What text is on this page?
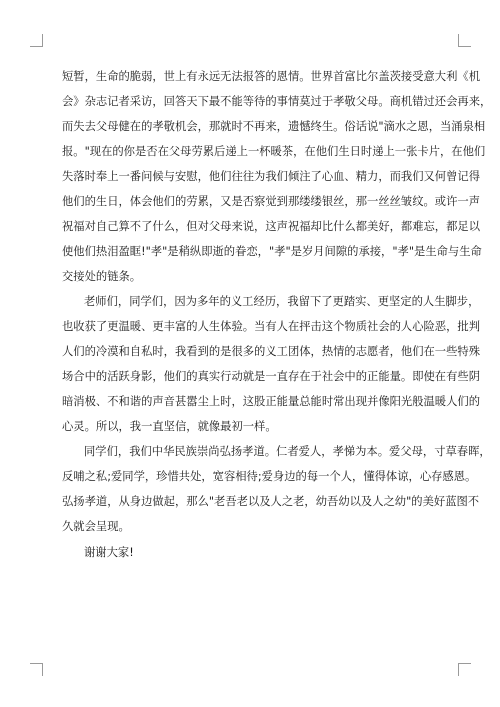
短暂，生命的脆弱，世上有永远无法报答的恩情。世界首富比尔盖茨接受意大利《机
会》杂志记者采访，回答天下最不能等待的事情莫过于孝敬父母。商机错过还会再来，
而失去父母健在的孝敬机会，那就时不再来，遗憾终生。俗话说"滴水之恩，当涌泉相
报。"现在的你是否在父母劳累后递上一杯暖茶，在他们生日时递上一张卡片，在他们
失落时奉上一番问候与安慰，他们往往为我们倾注了心血、精力，而我们又何曾记得
他们的生日，体会他们的劳累，又是否察觉到那缕缕银丝，那一丝丝皱纹。或许一声
祝福对自己算不了什么，但对父母来说，这声祝福却比什么都美好，都难忘，都足以
使他们热泪盈眶!"孝"是稍纵即逝的眷恋，"孝"是岁月间隙的承接，"孝"是生命与生命
交接处的链条。
老师们，同学们，因为多年的义工经历，我留下了更踏实、更坚定的人生脚步，
也收获了更温暖、更丰富的人生体验。当有人在抨击这个物质社会的人心险恶，批判
人们的冷漠和自私时，我看到的是很多的义工团体，热情的志愿者，他们在一些特殊
场合中的活跃身影，他们的真实行动就是一直存在于社会中的正能量。即使在有些阴
暗消极、不和谐的声音甚嚣尘上时，这股正能量总能时常出现并像阳光般温暖人们的
心灵。所以，我一直坚信，就像最初一样。
同学们，我们中华民族崇尚弘扬孝道。仁者爱人，孝悌为本。爱父母，寸草春晖，
反哺之私;爱同学，珍惜共处，宽容相待;爱身边的每一个人，懂得体谅，心存感恩。
弘扬孝道，从身边做起，那么"老吾老以及人之老，幼吾幼以及人之幼"的美好蓝图不
久就会呈现。
谢谢大家!
